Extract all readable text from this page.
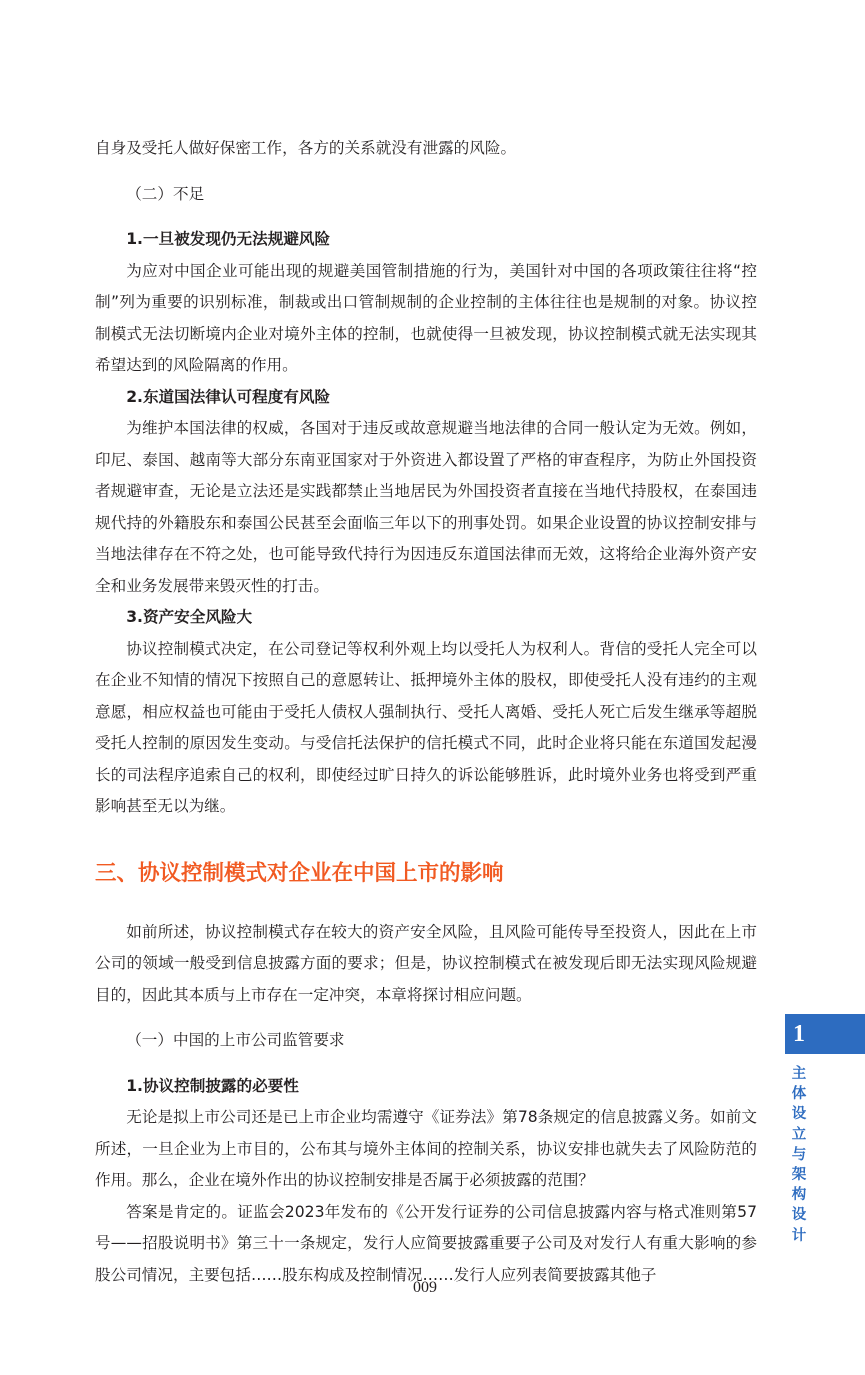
自身及受托人做好保密工作，各方的关系就没有泄露的风险。

（二）不足
1.一旦被发现仍无法规避风险

为应对中国企业可能出现的规避美国管制措施的行为，美国针对中国的各项政策往往将“控制”列为重要的识别标准，制裁或出口管制规制的企业控制的主体往往也是规制的对象。协议控制模式无法切断境内企业对境外主体的控制，也就使得一旦被发现，协议控制模式就无法实现其希望达到的风险隔离的作用。

2.东道国法律认可程度有风险

为维护本国法律的权威，各国对于违反或故意规避当地法律的合同一般认定为无效。例如，印尼、泰国、越南等大部分东南亚国家对于外资进入都设置了严格的审查程序，为防止外国投资者规避审查，无论是立法还是实践都禁止当地居民为外国投资者直接在当地代持股权，在泰国违规代持的外籍股东和泰国公民甚至会面临三年以下的刑事处罚。如果企业设置的协议控制安排与当地法律存在不符之处，也可能导致代持行为因违反东道国法律而无效，这将给企业海外资产安全和业务发展带来毁灭性的打击。

3.资产安全风险大

协议控制模式决定，在公司登记等权利外观上均以受托人为权利人。背信的受托人完全可以在企业不知情的情况下按照自己的意愿转让、抵押境外主体的股权，即使受托人没有违约的主观意愿，相应权益也可能由于受托人债权人强制执行、受托人离婚、受托人死亡后发生继承等超脱受托人控制的原因发生变动。与受信托法保护的信托模式不同，此时企业将只能在东道国发起漫长的司法程序追索自己的权利，即使经过旷日持久的诉讼能够胜诉，此时境外业务也将受到严重影响甚至无以为继。

三、协议控制模式对企业在中国上市的影响

如前所述，协议控制模式存在较大的资产安全风险，且风险可能传导至投资人，因此在上市公司的领域一般受到信息披露方面的要求；但是，协议控制模式在被发现后即无法实现风险规避目的，因此其本质与上市存在一定冲突，本章将探讨相应问题。

（一）中国的上市公司监管要求
1.协议控制披露的必要性

无论是拟上市公司还是已上市企业均需遵守《证券法》第78条规定的信息披露义务。如前文所述，一旦企业为上市目的，公布其与境外主体间的控制关系，协议安排也就失去了风险防范的作用。那么，企业在境外作出的协议控制安排是否属于必须披露的范围？

答案是肯定的。证监会2023年发布的《公开发行证券的公司信息披露内容与格式准则第57号——招股说明书》第三十一条规定，发行人应简要披露重要子公司及对发行人有重大影响的参股公司情况，主要包括……股东构成及控制情况……发行人应列表简要披露其他子

009
1
主体设立与架构设计
